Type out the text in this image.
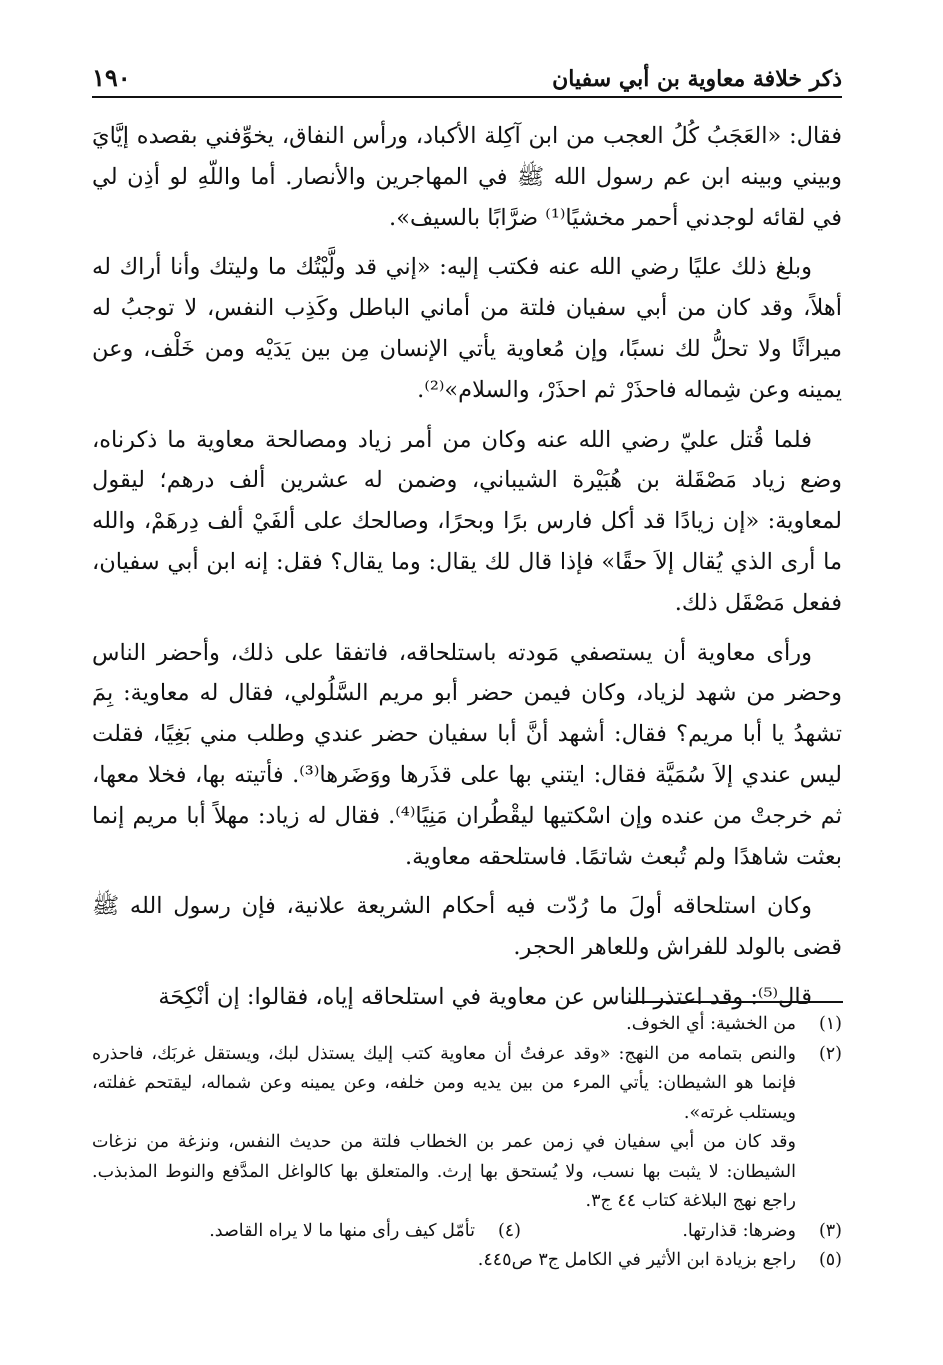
ذكر خلافة معاوية بن أبي سفيان
١٩٠

فقال: «العَجَبُ كُلُ العجب من ابن آكِلة الأكباد، ورأس النفاق، يخوِّفني بقصده إيَّايَ وبيني وبينه ابن عم رسول الله ﷺ في المهاجرين والأنصار. أما واللّهِ لو أذِن لي في لقائه لوجدني أحمر مخشيًا⁽¹⁾ ضرَّابًا بالسيف».

وبلغ ذلك عليًا رضي الله عنه فكتب إليه: «إني قد ولَّيْتُك ما وليتك وأنا أراك له أهلاً، وقد كان من أبي سفيان فلتة من أماني الباطل وكَذِب النفس، لا توجبُ له ميراثًا ولا تحلُّ لك نسبًا، وإن مُعاوية يأتي الإنسان مِن بين يَدَيْه ومن خَلْف، وعن يمينه وعن شِماله فاحذَرْ ثم احذَرْ، والسلام»⁽²⁾.

فلما قُتل عليّ رضي الله عنه وكان من أمر زياد ومصالحة معاوية ما ذكرناه، وضع زياد مَصْقَلة بن هُبَيْرة الشيباني، وضمن له عشرين ألف درهم؛ ليقول لمعاوية: «إن زيادًا قد أكل فارس برًا وبحرًا، وصالحك على ألفَيْ ألف دِرهَمْ، والله ما أرى الذي يُقال إلاَ حقًا» فإذا قال لك يقال: وما يقال؟ فقل: إنه ابن أبي سفيان، ففعل مَصْقَل ذلك.

ورأى معاوية أن يستصفي مَودته باستلحاقه، فاتفقا على ذلك، وأحضر الناس وحضر من شهد لزياد، وكان فيمن حضر أبو مريم السَّلُولي، فقال له معاوية: بِمَ تشهدُ يا أبا مريم؟ فقال: أشهد أنَّ أبا سفيان حضر عندي وطلب مني بَغِيًا، فقلت ليس عندي إلاَ سُمَيَّة فقال: ايتني بها على قذَرها ووَضَرها⁽³⁾. فأتيته بها، فخلا معها، ثم خرجتْ من عنده وإن اسْكتيها ليقْطُران مَنِيًا⁽⁴⁾. فقال له زياد: مهلاً أبا مريم إنما بعثت شاهدًا ولم تُبعث شاتمًا. فاستلحقه معاوية.

وكان استلحاقه أولَ ما رُدّت فيه أحكام الشريعة علانية، فإن رسول الله ﷺ قضى بالولد للفراش وللعاهر الحجر.

قال⁽⁵⁾: وقد اعتذر الناس عن معاوية في استلحاقه إياه، فقالوا: إن أنْكِحَة

(١)
من الخشية: أي الخوف.
(٢)

والنص بتمامه من النهج: «وقد عرفتُ أن معاوية كتب إليك يستذل لبك، ويستقل غربَك، فاحذره فإنما هو الشيطان: يأتي المرء من بين يديه ومن خلفه، وعن يمينه وعن شماله، ليقتحم غفلته، ويستلب غرته».

وقد كان من أبي سفيان في زمن عمر بن الخطاب فلتة من حديث النفس، ونزغة من نزغات الشيطان: لا يثبت بها نسب، ولا يُستحق بها إرث. والمتعلق بها كالواغل المدَّفع والنوط المذبذب. راجع نهج البلاغة كتاب ٤٤ ج٣.

(٣)
وضرها: قذارتها.
(٤)
تأمّل كيف رأى منها ما لا يراه القاصد.
(٥)
راجع بزيادة ابن الأثير في الكامل ج٣ ص٤٤٥.
